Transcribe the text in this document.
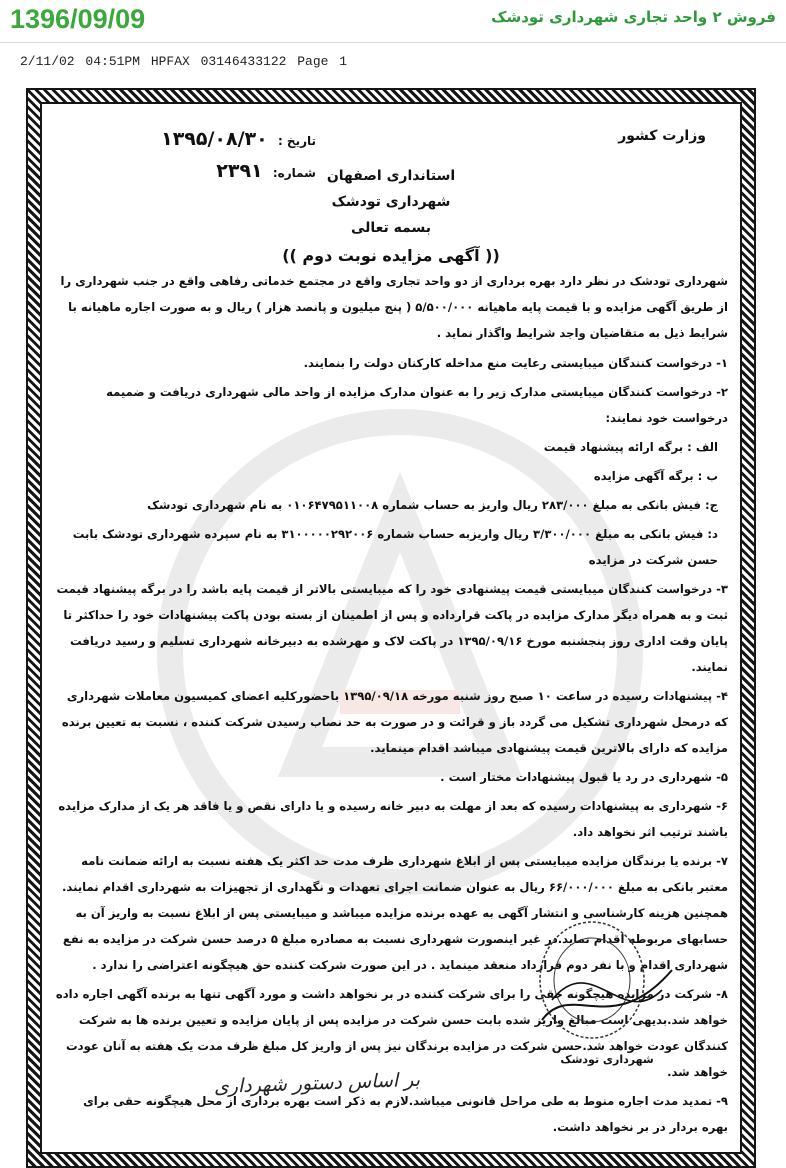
1396/09/09	فروش ۲ واحد تجاری شهرداری تودشک
2/11/02 04:51PM HPFAX 03146433122 Page 1
وزارت کشور
تاریخ : ۱۳۹۵/۰۸/۳۰
شماره: ۲۳۹۱	استانداری اصفهان
شهرداری تودشک
بسمه تعالی
(( آگهی مزایده نوبت دوم ))

شهرداری تودشک در نظر دارد بهره برداری از دو واحد تجاری واقع در مجتمع خدماتی رفاهی واقع در جنب شهرداری را از طریق آگهی مزایده و با قیمت پایه ماهیانه ۵/۵۰۰/۰۰۰ ( پنج میلیون و پانصد هزار ) ریال و به صورت اجاره ماهیانه با شرایط ذیل به متقاضیان واجد شرایط واگذار نماید .

۱- درخواست کنندگان میبایستی رعایت منع مداخله کارکنان دولت را بنمایند.
۲- درخواست کنندگان میبایستی مدارک زیر را به عنوان مدارک مزایده از واحد مالی شهرداری دریافت و ضمیمه درخواست خود نمایند:
الف : برگه ارائه پیشنهاد قیمت
ب : برگه آگهی مزایده
ج: فیش بانکی به مبلغ ۲۸۳/۰۰۰ ریال واریز به حساب شماره ۰۱۰۶۴۷۹۵۱۱۰۰۸ به نام شهرداری تودشک
د: فیش بانکی به مبلغ ۳/۳۰۰/۰۰۰ ریال واریزبه حساب شماره ۳۱۰۰۰۰۰۲۹۲۰۰۶ به نام سپرده شهرداری تودشک بابت حسن شرکت در مزایده
۳- درخواست کنندگان میبایستی قیمت پیشنهادی خود را که میبایستی بالاتر از قیمت پایه باشد را در برگه پیشنهاد قیمت ثبت و به همراه دیگر مدارک مزایده در پاکت قرارداده و پس از اطمینان از بسته بودن پاکت پیشنهادات خود را حداکثر تا پایان وقت اداری روز پنجشنبه مورخ ۱۳۹۵/۰۹/۱۶ در پاکت لاک و مهرشده به دبیرخانه شهرداری تسلیم و رسید دریافت نمایند.
۴- پیشنهادات رسیده در ساعت ۱۰ صبح روز شنبه مورخه ۱۳۹۵/۰۹/۱۸ باحضورکلیه اعضای کمیسیون معاملات شهرداری که درمحل شهرداری تشکیل می گردد باز و قرائت و در صورت به حد نصاب رسیدن شرکت کننده ، نسبت به تعیین برنده مزایده که دارای بالاترین قیمت پیشنهادی میباشد اقدام مینماید.
۵- شهرداری در رد یا قبول پیشنهادات مختار است .
۶- شهرداری به پیشنهادات رسیده که بعد از مهلت به دبیر خانه رسیده و یا دارای نقص و یا فاقد هر یک از مدارک مزایده باشند ترتیب اثر نخواهد داد.
۷- برنده یا برندگان مزایده میبایستی پس از ابلاغ شهرداری ظرف مدت حد اکثر یک هفته نسبت به ارائه ضمانت نامه معتبر بانکی به مبلغ ۶۶/۰۰۰/۰۰۰ ریال به عنوان ضمانت اجرای تعهدات و نگهداری از تجهیزات به شهرداری اقدام نمایند. همچنین هزینه کارشناسی و انتشار آگهی به عهده برنده مزایده میباشد و میبایستی پس از ابلاغ نسبت به واریز آن به حسابهای مربوطه اقدام نماید.در غیر اینصورت شهرداری نسبت به مصادره مبلغ ۵ درصد حسن شرکت در مزایده به نفع شهرداری اقدام و با نفر دوم قرارداد منعقد مینماید . در این صورت شرکت کننده حق هیچگونه اعتراضی را ندارد .
۸- شرکت در مزایده هیچگونه حقی را برای شرکت کننده در بر نخواهد داشت و مورد آگهی تنها به برنده آگهی اجاره داده خواهد شد.بدیهی است مبالغ واریز شده بابت حسن شرکت در مزایده پس از پایان مزایده و تعیین برنده ها به شرکت کنندگان عودت خواهد شد.حسن شرکت در مزایده برندگان نیز پس از واریز کل مبلغ ظرف مدت یک هفته به آنان عودت خواهد شد.
۹- تمدید مدت اجاره منوط به طی مراحل قانونی میباشد.لازم به ذکر است بهره برداری از محل هیچگونه حقی برای بهره بردار در بر نخواهد داشت.
شهرداری تودشک
بر اساس دستور شهرداری
